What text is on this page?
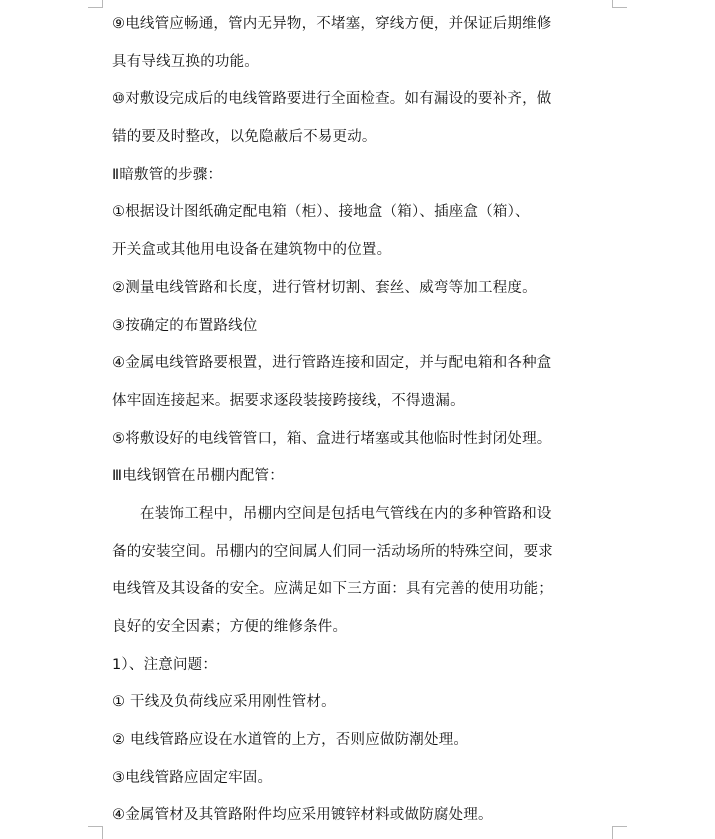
⑨电线管应畅通，管内无异物，不堵塞，穿线方便，并保证后期维修
具有导线互换的功能。
⑩对敷设完成后的电线管路要进行全面检查。如有漏设的要补齐，做
错的要及时整改，以免隐蔽后不易更动。
Ⅱ暗敷管的步骤：
①根据设计图纸确定配电箱（柜）、接地盒（箱）、插座盒（箱）、
开关盒或其他用电设备在建筑物中的位置。
②测量电线管路和长度，进行管材切割、套丝、威弯等加工程度。
③按确定的布置路线位
④金属电线管路要根置，进行管路连接和固定，并与配电箱和各种盒
体牢固连接起来。据要求逐段装接跨接线，不得遗漏。
⑤将敷设好的电线管管口，箱、盒进行堵塞或其他临时性封闭处理。
Ⅲ电线钢管在吊棚内配管：
在装饰工程中，吊棚内空间是包括电气管线在内的多种管路和设
备的安装空间。吊棚内的空间属人们同一活动场所的特殊空间，要求
电线管及其设备的安全。应满足如下三方面：具有完善的使用功能；
良好的安全因素；方便的维修条件。
1）、注意问题：
① 干线及负荷线应采用刚性管材。
② 电线管路应设在水道管的上方，否则应做防潮处理。
③电线管路应固定牢固。
④金属管材及其管路附件均应采用镀锌材料或做防腐处理。
